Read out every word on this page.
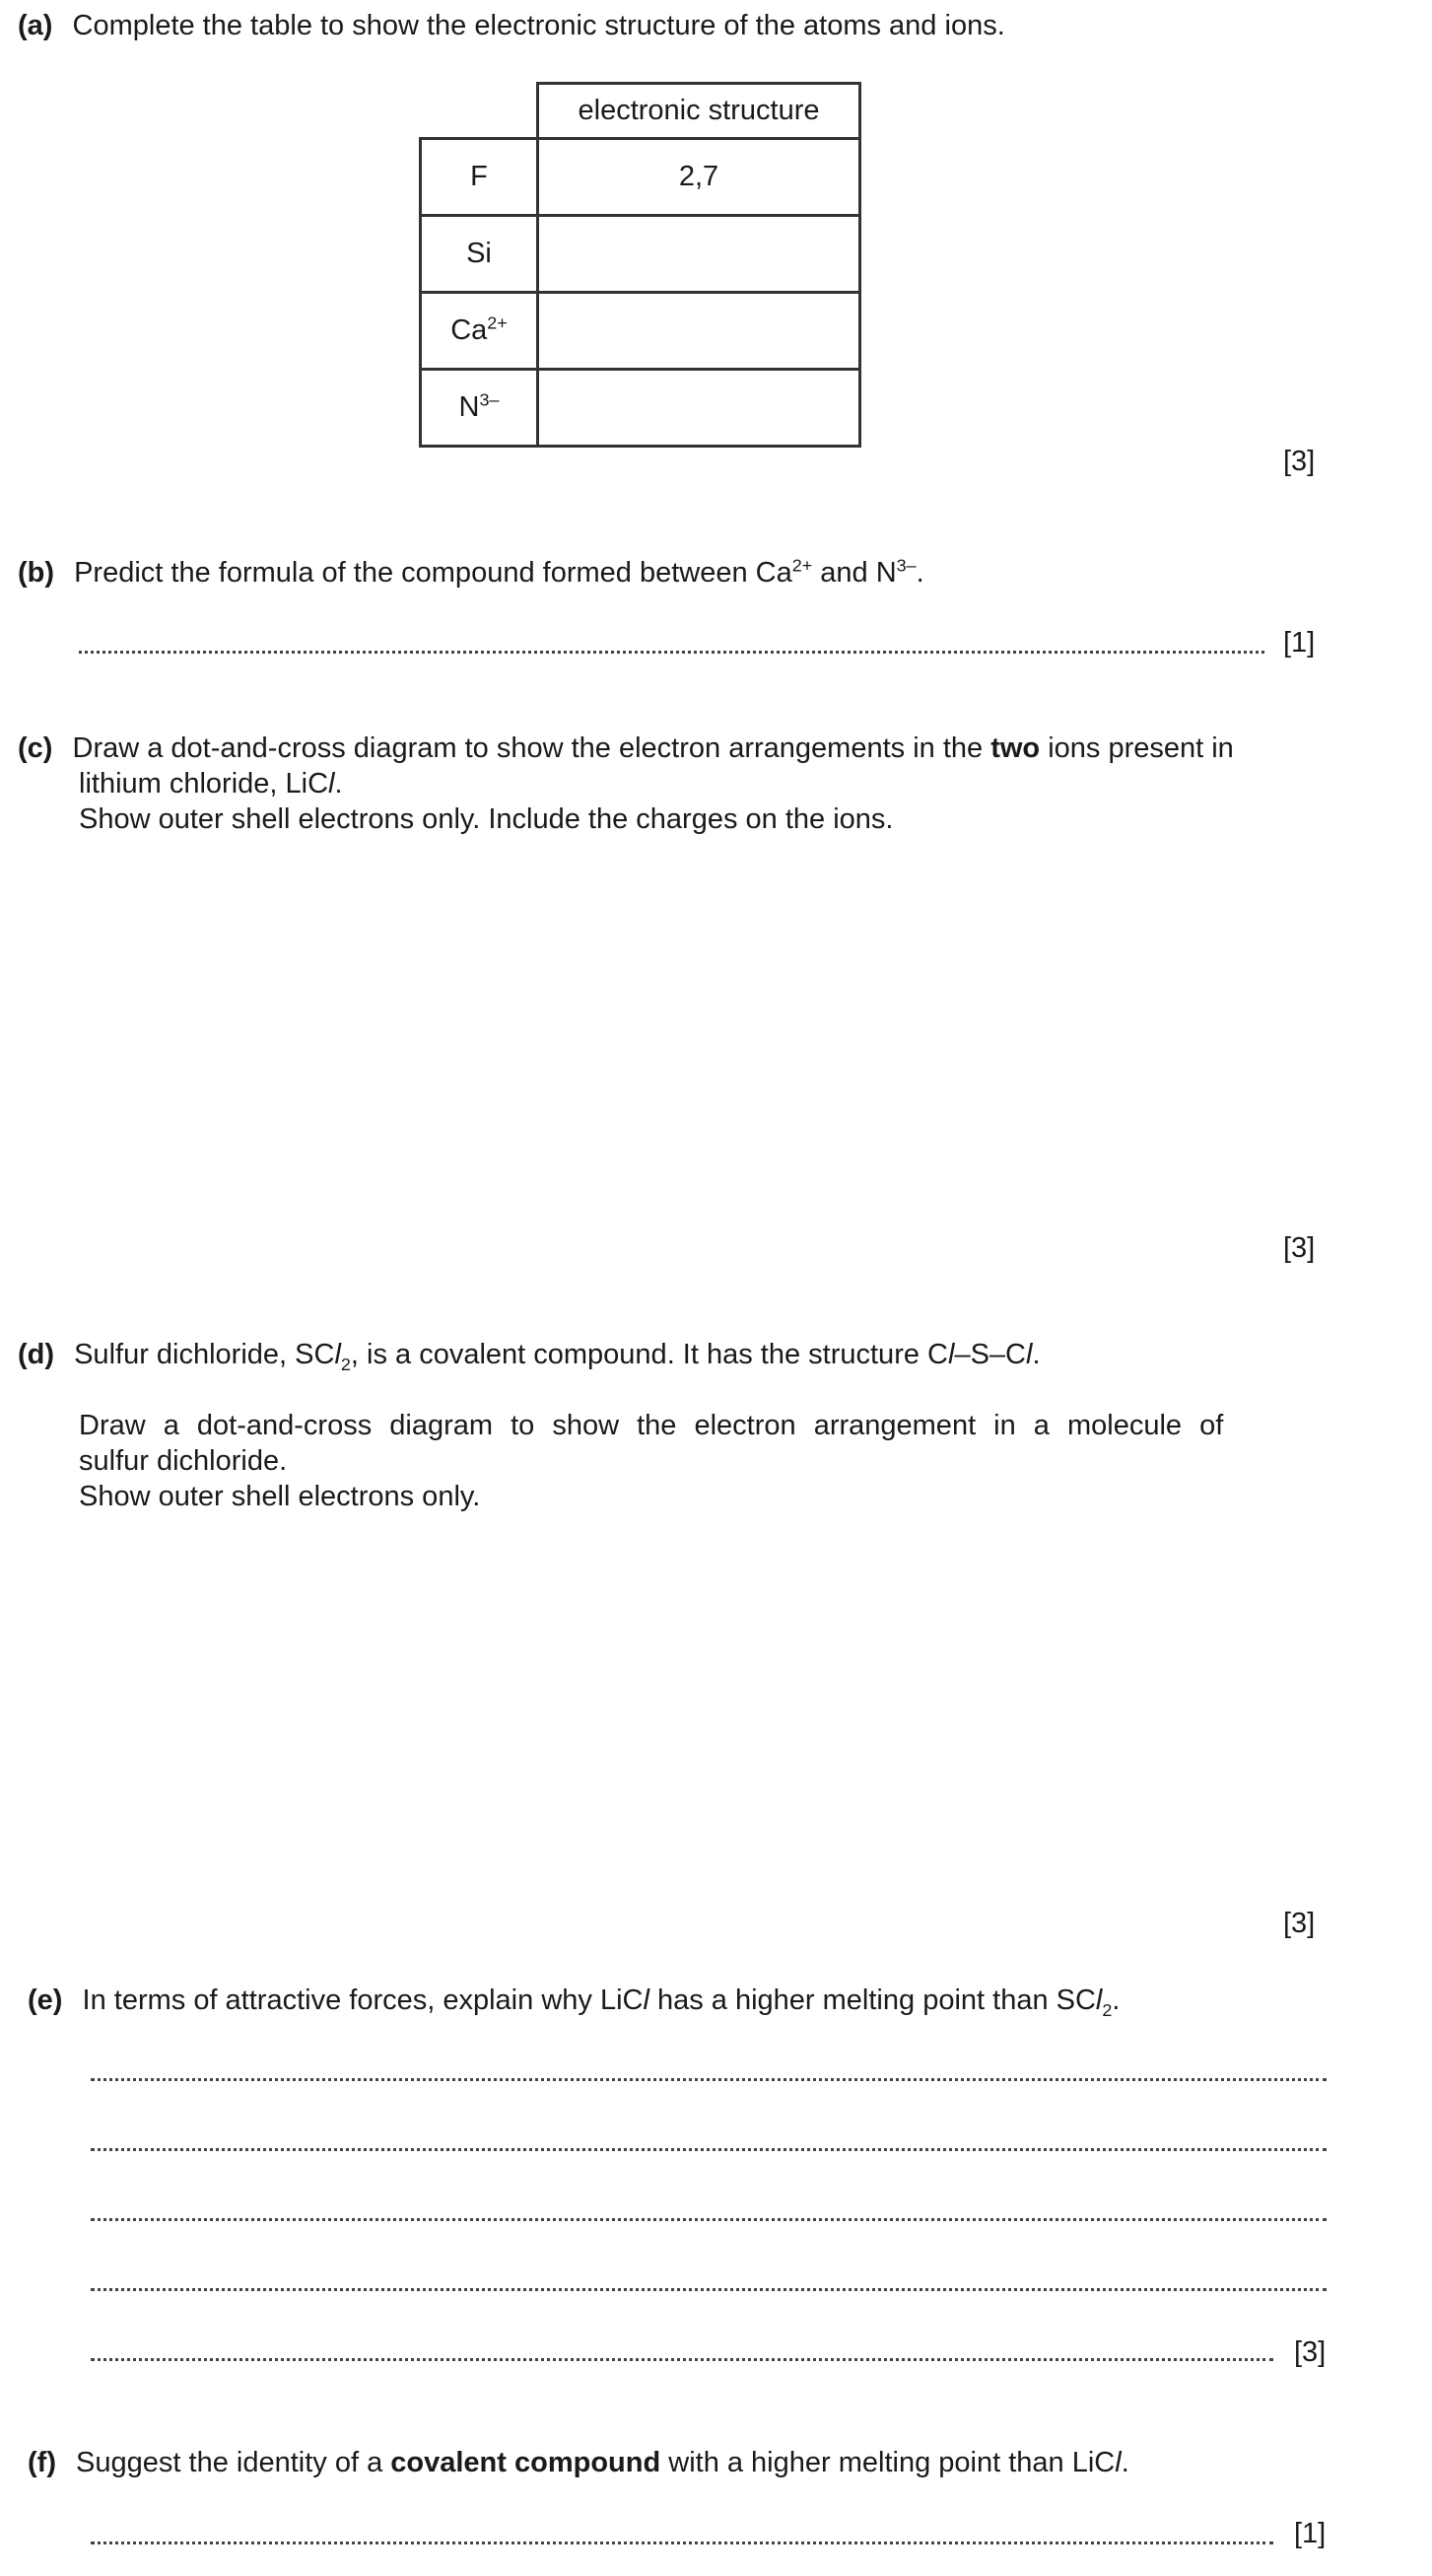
(a) Complete the table to show the electronic structure of the atoms and ions.
	electronic structure
F	2,7
Si	
$Ca^{2+}$	
$N^{3-}$	
[3]
(b) Predict the formula of the compound formed between $Ca^{2+}$ and $N^{3-}$.
[1]
(c) Draw a dot-and-cross diagram to show the electron arrangements in the two ions present in
lithium chloride, LiCl.
Show outer shell electrons only. Include the charges on the ions.
[3]
(d) Sulfur dichloride, SCl$_2$, is a covalent compound. It has the structure Cl–S–Cl.
Draw a dot-and-cross diagram to show the electron arrangement in a molecule of
sulfur dichloride.
Show outer shell electrons only.
[3]
(e) In terms of attractive forces, explain why LiCl has a higher melting point than SCl$_2$.
[3]
(f) Suggest the identity of a covalent compound with a higher melting point than LiCl.
[1]
